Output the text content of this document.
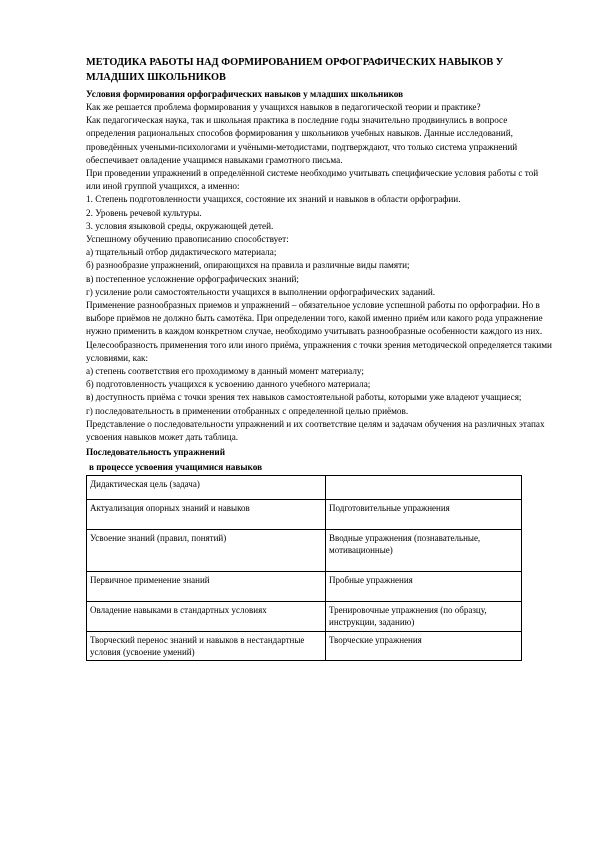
МЕТОДИКА РАБОТЫ НАД ФОРМИРОВАНИЕМ ОРФОГРАФИЧЕСКИХ НАВЫКОВ У МЛАДШИХ ШКОЛЬНИКОВ
Условия формирования орфографических навыков у младших школьников

Как же решается проблема формирования у учащихся навыков в педагогической теории и практике?

Как педагогическая наука, так и школьная практика в последние годы значительно продвинулись в вопросе определения рациональных способов формирования у школьников учебных навыков. Данные исследований, проведённых учеными-психологами и учёными-методистами, подтверждают, что только система упражнений обеспечивает овладение учащимся навыками грамотного письма.

При проведении упражнений в определённой системе необходимо учитывать специфические условия работы с той или иной группой учащихся, а именно:

1. Степень подготовленности учащихся, состояние их знаний и навыков в области орфографии.

2. Уровень речевой культуры.

3. условия языковой среды, окружающей детей.

Успешному обучению правописанию способствует:

а) тщательный отбор дидактического материала;

б) разнообразие упражнений, опирающихся на правила и различные виды памяти;

в) постепенное усложнение орфографических знаний;

г) усиление роли самостоятельности учащихся в выполнении орфографических заданий.

Применение разнообразных приемов и упражнений – обязательное условие успешной работы по орфографии. Но в выборе приёмов не должно быть самотёка. При определении того, какой именно приём или какого рода упражнение нужно применить в каждом конкретном случае, необходимо учитывать разнообразные особенности каждого из них.

Целесообразность применения того или иного приёма, упражнения с точки зрения методической определяется такими условиями, как:

а) степень соответствия его проходимому в данный момент материалу;

б) подготовленность учащихся к усвоению данного учебного материала;

в) доступность приёма с точки зрения тех навыков самостоятельной работы, которыми уже владеют учащиеся;

г) последовательность в применении отобранных с определенной целью приёмов.

Представление о последовательности упражнений и их соответствие целям и задачам обучения на различных этапах усвоения навыков может дать таблица.

Последовательность упражнений
в процессе усвоения учащимися навыков
Дидактическая цель (задача)	
Актуализация опорных знаний и навыков	Подготовительные упражнения
Усвоение знаний (правил, понятий)	Вводные упражнения (познавательные, мотивационные)
Первичное применение знаний	Пробные упражнения
Овладение навыками в стандартных условиях	Тренировочные упражнения (по образцу, инструкции, заданию)
Творческий перенос знаний и навыков в нестандартные условия (усвоение умений)	Творческие упражнения
